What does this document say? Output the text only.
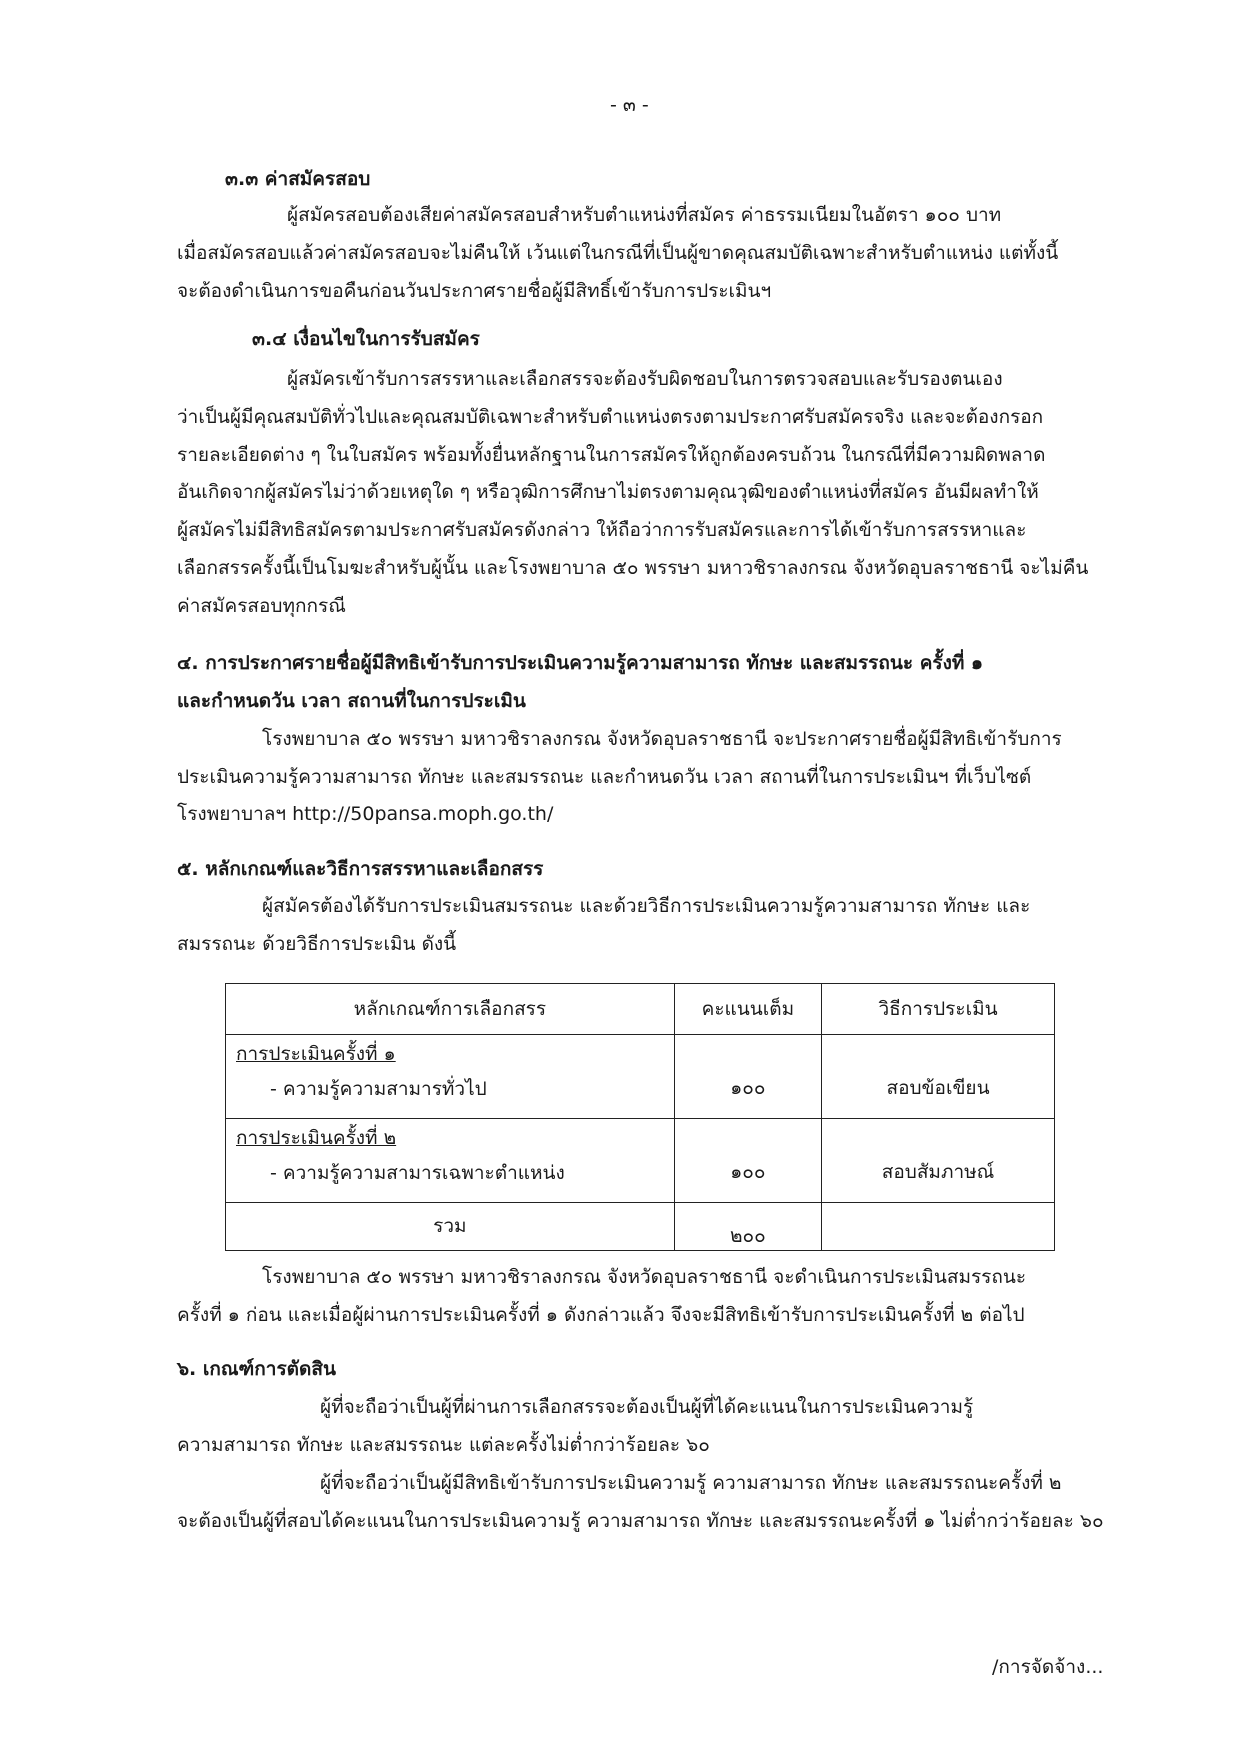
- ๓ -
๓.๓ ค่าสมัครสอบ
ผู้สมัครสอบต้องเสียค่าสมัครสอบสำหรับตำแหน่งที่สมัคร ค่าธรรมเนียมในอัตรา ๑๐๐ บาท
เมื่อสมัครสอบแล้วค่าสมัครสอบจะไม่คืนให้ เว้นแต่ในกรณีที่เป็นผู้ขาดคุณสมบัติเฉพาะสำหรับตำแหน่ง แต่ทั้งนี้
จะต้องดำเนินการขอคืนก่อนวันประกาศรายชื่อผู้มีสิทธิ์เข้ารับการประเมินฯ
๓.๔ เงื่อนไขในการรับสมัคร
ผู้สมัครเข้ารับการสรรหาและเลือกสรรจะต้องรับผิดชอบในการตรวจสอบและรับรองตนเอง
ว่าเป็นผู้มีคุณสมบัติทั่วไปและคุณสมบัติเฉพาะสำหรับตำแหน่งตรงตามประกาศรับสมัครจริง และจะต้องกรอก
รายละเอียดต่าง ๆ ในใบสมัคร พร้อมทั้งยื่นหลักฐานในการสมัครให้ถูกต้องครบถ้วน ในกรณีที่มีความผิดพลาด
อันเกิดจากผู้สมัครไม่ว่าด้วยเหตุใด ๆ หรือวุฒิการศึกษาไม่ตรงตามคุณวุฒิของตำแหน่งที่สมัคร อันมีผลทำให้
ผู้สมัครไม่มีสิทธิสมัครตามประกาศรับสมัครดังกล่าว ให้ถือว่าการรับสมัครและการได้เข้ารับการสรรหาและ
เลือกสรรครั้งนี้เป็นโมฆะสำหรับผู้นั้น และโรงพยาบาล ๕๐ พรรษา มหาวชิราลงกรณ จังหวัดอุบลราชธานี จะไม่คืน
ค่าสมัครสอบทุกกรณี
๔. การประกาศรายชื่อผู้มีสิทธิเข้ารับการประเมินความรู้ความสามารถ ทักษะ และสมรรถนะ ครั้งที่ ๑
และกำหนดวัน เวลา สถานที่ในการประเมิน
โรงพยาบาล ๕๐ พรรษา มหาวชิราลงกรณ จังหวัดอุบลราชธานี จะประกาศรายชื่อผู้มีสิทธิเข้ารับการ
ประเมินความรู้ความสามารถ ทักษะ และสมรรถนะ และกำหนดวัน เวลา สถานที่ในการประเมินฯ ที่เว็บไซต์
โรงพยาบาลฯ http://50pansa.moph.go.th/
๕. หลักเกณฑ์และวิธีการสรรหาและเลือกสรร
ผู้สมัครต้องได้รับการประเมินสมรรถนะ และด้วยวิธีการประเมินความรู้ความสามารถ ทักษะ และ
สมรรถนะ ด้วยวิธีการประเมิน ดังนี้
หลักเกณฑ์การเลือกสรร	คะแนนเต็ม	วิธีการประเมิน

การประเมินครั้งที่ ๑
- ความรู้ความสามารทั่วไป	๑๐๐	สอบข้อเขียน

การประเมินครั้งที่ ๒
- ความรู้ความสามารเฉพาะตำแหน่ง	๑๐๐	สอบสัมภาษณ์
รวม	๒๐๐	
โรงพยาบาล ๕๐ พรรษา มหาวชิราลงกรณ จังหวัดอุบลราชธานี จะดำเนินการประเมินสมรรถนะ
ครั้งที่ ๑ ก่อน และเมื่อผู้ผ่านการประเมินครั้งที่ ๑ ดังกล่าวแล้ว จึงจะมีสิทธิเข้ารับการประเมินครั้งที่ ๒ ต่อไป
๖. เกณฑ์การตัดสิน
ผู้ที่จะถือว่าเป็นผู้ที่ผ่านการเลือกสรรจะต้องเป็นผู้ที่ได้คะแนนในการประเมินความรู้
ความสามารถ ทักษะ และสมรรถนะ แต่ละครั้งไม่ต่ำกว่าร้อยละ ๖๐
ผู้ที่จะถือว่าเป็นผู้มีสิทธิเข้ารับการประเมินความรู้ ความสามารถ ทักษะ และสมรรถนะครั้งที่ ๒
จะต้องเป็นผู้ที่สอบได้คะแนนในการประเมินความรู้ ความสามารถ ทักษะ และสมรรถนะครั้งที่ ๑ ไม่ต่ำกว่าร้อยละ ๖๐
/การจัดจ้าง...
